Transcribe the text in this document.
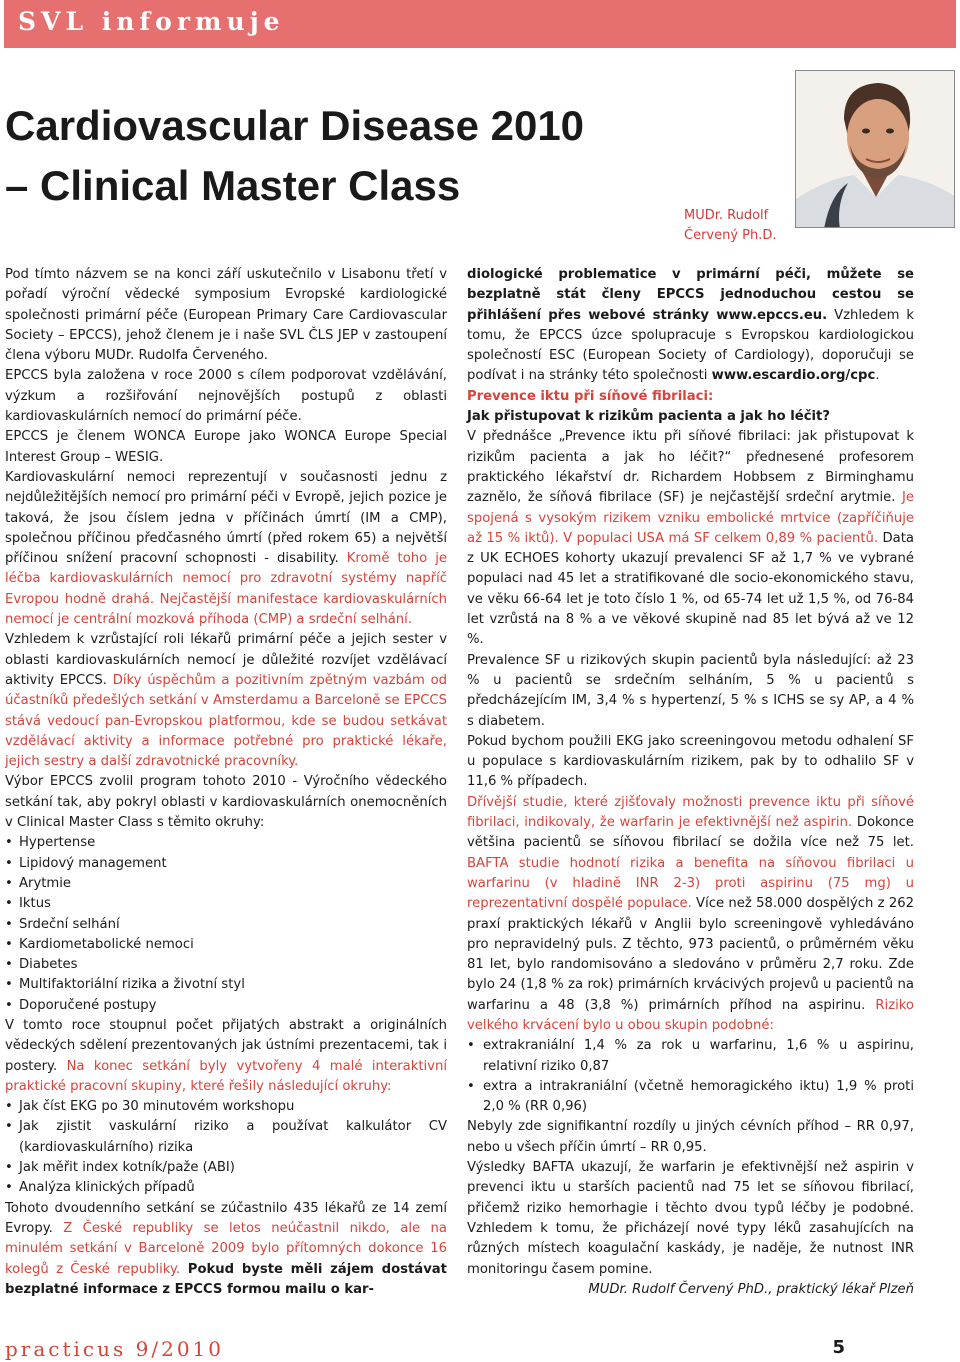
SVL informuje
Cardiovascular Disease 2010
– Clinical Master Class
MUDr. Rudolf
Červený Ph.D.

Pod tímto názvem se na konci září uskutečnilo v Lisabonu třetí v pořadí výroční vědecké symposium Evropské kardiologické společnosti primární péče (European Primary Care Cardiovascular Society – EPCCS), jehož členem je i naše SVL ČLS JEP v zastoupení člena výboru MUDr. Rudolfa Červeného.

EPCCS byla založena v roce 2000 s cílem podporovat vzdělávání, výzkum a rozšiřování nejnovějších postupů z oblasti kardiovaskulárních nemocí do primární péče.

EPCCS je členem WONCA Europe jako WONCA Europe Special Interest Group – WESIG.

Kardiovaskulární nemoci reprezentují v současnosti jednu z nejdůležitějších nemocí pro primární péči v Evropě, jejich pozice je taková, že jsou číslem jedna v příčinách úmrtí (IM a CMP), společnou příčinou předčasného úmrtí (před rokem 65) a největší příčinou snížení pracovní schopnosti - disability. Kromě toho je léčba kardiovaskulárních nemocí pro zdravotní systémy napříč Evropou hodně drahá. Nejčastější manifestace kardiovaskulárních nemocí je centrální mozková příhoda (CMP) a srdeční selhání.

Vzhledem k vzrůstající roli lékařů primární péče a jejich sester v oblasti kardiovaskulárních nemocí je důležité rozvíjet vzdělávací aktivity EPCCS. Díky úspěchům a pozitivním zpětným vazbám od účastníků předešlých setkání v Amsterdamu a Barceloně se EPCCS stává vedoucí pan-Evropskou platformou, kde se budou setkávat vzdělávací aktivity a informace potřebné pro praktické lékaře, jejich sestry a další zdravotnické pracovníky.

Výbor EPCCS zvolil program tohoto 2010 - Výročního vědeckého setkání tak, aby pokryl oblasti v kardiovaskulárních onemocněních v Clinical Master Class s těmito okruhy:

• Hypertense
• Lipidový management
• Arytmie
• Iktus
• Srdeční selhání
• Kardiometabolické nemoci
• Diabetes
• Multifaktoriální rizika a životní styl
• Doporučené postupy

V tomto roce stoupnul počet přijatých abstrakt a originálních vědeckých sdělení prezentovaných jak ústními prezentacemi, tak i postery. Na konec setkání byly vytvořeny 4 malé interaktivní praktické pracovní skupiny, které řešily následující okruhy:

• Jak číst EKG po 30 minutovém workshopu
• Jak zjistit vaskulární riziko a používat kalkulátor CV (kardiovaskulárního) rizika
• Jak měřit index kotník/paže (ABI)
• Analýza klinických případů

Tohoto dvoudenního setkání se zúčastnilo 435 lékařů ze 14 zemí Evropy. Z České republiky se letos neúčastnil nikdo, ale na minulém setkání v Barceloně 2009 bylo přítomných dokonce 16 kolegů z České republiky. Pokud byste měli zájem dostávat bezplatné informace z EPCCS formou mailu o kar-

diologické problematice v primární péči, můžete se bezplatně stát členy EPCCS jednoduchou cestou se přihlášení přes webové stránky www.epccs.eu. Vzhledem k tomu, že EPCCS úzce spolupracuje s Evropskou kardiologickou společností ESC (European Society of Cardiology), doporučuji se podívat i na stránky této společnosti www.escardio.org/cpc.

Prevence iktu při síňové fibrilaci:

Jak přistupovat k rizikům pacienta a jak ho léčit?

V přednášce „Prevence iktu při síňové fibrilaci: jak přistupovat k rizikům pacienta a jak ho léčit?“ přednesené profesorem praktického lékařství dr. Richardem Hobbsem z Birminghamu zaznělo, že síňová fibrilace (SF) je nejčastější srdeční arytmie. Je spojená s vysokým rizikem vzniku embolické mrtvice (zapříčiňuje až 15 % iktů). V populaci USA má SF celkem 0,89 % pacientů. Data z UK ECHOES kohorty ukazují prevalenci SF až 1,7 % ve vybrané populaci nad 45 let a stratifikované dle socio-ekonomického stavu, ve věku 66-64 let je toto číslo 1 %, od 65-74 let už 1,5 %, od 76-84 let vzrůstá na 8 % a ve věkové skupině nad 85 let bývá až ve 12 %.

Prevalence SF u rizikových skupin pacientů byla následující: až 23 % u pacientů se srdečním selháním, 5 % u pacientů s předcházejícím IM, 3,4 % s hypertenzí, 5 % s ICHS se sy AP, a 4 % s diabetem.

Pokud bychom použili EKG jako screeningovou metodu odhalení SF u populace s kardiovaskulárním rizikem, pak by to odhalilo SF v 11,6 % případech.

Dřívější studie, které zjišťovaly možnosti prevence iktu při síňové fibrilaci, indikovaly, že warfarin je efektivnější než aspirin. Dokonce většina pacientů se síňovou fibrilací se dožila více než 75 let. BAFTA studie hodnotí rizika a benefita na síňovou fibrilaci u warfarinu (v hladině INR 2-3) proti aspirinu (75 mg) u reprezentativní dospělé populace. Více než 58.000 dospělých z 262 praxí praktických lékařů v Anglii bylo screeningově vyhledáváno pro nepravidelný puls. Z těchto, 973 pacientů, o průměrném věku 81 let, bylo randomisováno a sledováno v průměru 2,7 roku. Zde bylo 24 (1,8 % za rok) primárních krvácivých projevů u pacientů na warfarinu a 48 (3,8 %) primárních příhod na aspirinu. Riziko velkého krvácení bylo u obou skupin podobné:

• extrakraniální 1,4 % za rok u warfarinu, 1,6 % u aspirinu, relativní riziko 0,87
• extra a intrakraniální (včetně hemoragického iktu) 1,9 % proti 2,0 % (RR 0,96)

Nebyly zde signifikantní rozdíly u jiných cévních příhod – RR 0,97, nebo u všech příčin úmrtí – RR 0,95.

Výsledky BAFTA ukazují, že warfarin je efektivnější než aspirin v prevenci iktu u starších pacientů nad 75 let se síňovou fibrilací, přičemž riziko hemorhagie i těchto dvou typů léčby je podobné. Vzhledem k tomu, že přicházejí nové typy léků zasahujících na různých místech koagulační kaskády, je naděje, že nutnost INR monitoringu časem pomine.

MUDr. Rudolf Červený PhD., praktický lékař Plzeň

practicus 9/2010	5
